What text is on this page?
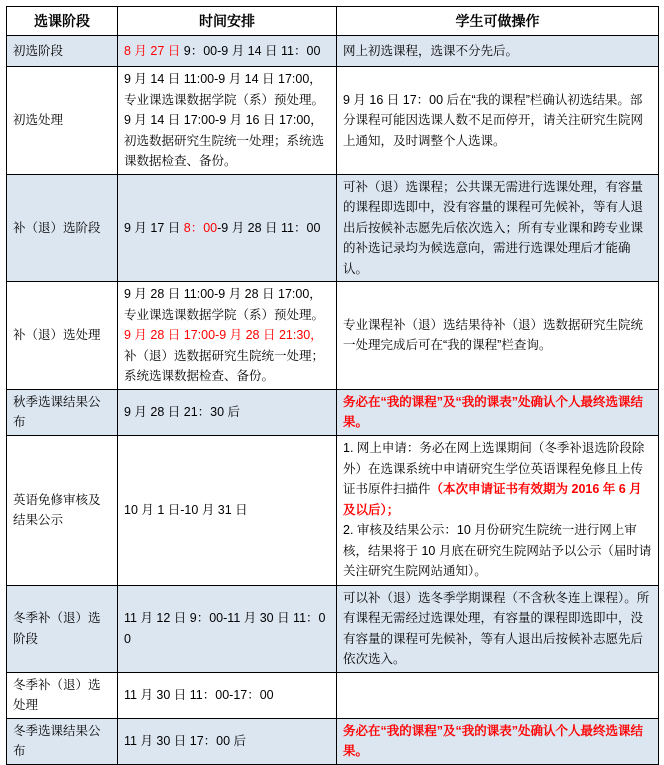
选课阶段	时间安排	学生可做操作
初选阶段	8 月 27 日 9：00-9 月 14 日 11：00	网上初选课程，选课不分先后。

初选处理	9 月 14 日 11:00-9 月 14 日 17:00，专业课选课数据学院（系）预处理。9 月 14 日 17:00-9 月 16 日 17:00，初选数据研究生院统一处理；系统选课数据检查、备份。	9 月 16 日 17：00 后在“我的课程”栏确认初选结果。部分课程可能因选课人数不足而停开，请关注研究生院网上通知，及时调整个人选课。

补（退）选阶段	9 月 17 日 8：00-9 月 28 日 11：00	可补（退）选课程；公共课无需进行选课处理，有容量的课程即选即中，没有容量的课程可先候补，等有人退出后按候补志愿先后依次选入；所有专业课和跨专业课的补选记录均为候选意向，需进行选课处理后才能确认。

补（退）选处理	9 月 28 日 11:00-9 月 28 日 17:00，专业课选课数据学院（系）预处理。9 月 28 日 17:00-9 月 28 日 21:30，补（退）选数据研究生院统一处理；系统选课数据检查、备份。	专业课程补（退）选结果待补（退）选数据研究生院统一处理完成后可在“我的课程”栏查询。

秋季选课结果公布	9 月 28 日 21：30 后	务必在“我的课程”及“我的课表”处确认个人最终选课结果。

英语免修审核及结果公示	10 月 1 日-10 月 31 日	1. 网上申请：务必在网上选课期间（冬季补退选阶段除外）在选课系统中申请研究生学位英语课程免修且上传证书原件扫描件（本次申请证书有效期为 2016 年 6 月及以后）；
2. 审核及结果公示：10 月份研究生院统一进行网上审核，结果将于 10 月底在研究生院网站予以公示（届时请关注研究生院网站通知）。

冬季补（退）选阶段	11 月 12 日 9：00-11 月 30 日 11：00	可以补（退）选冬季学期课程（不含秋冬连上课程）。所有课程无需经过选课处理，有容量的课程即选即中，没有容量的课程可先候补，等有人退出后按候补志愿先后依次选入。

冬季补（退）选处理	11 月 30 日 11：00-17：00	

冬季选课结果公布	11 月 30 日 17：00 后	务必在“我的课程”及“我的课表”处确认个人最终选课结果。
